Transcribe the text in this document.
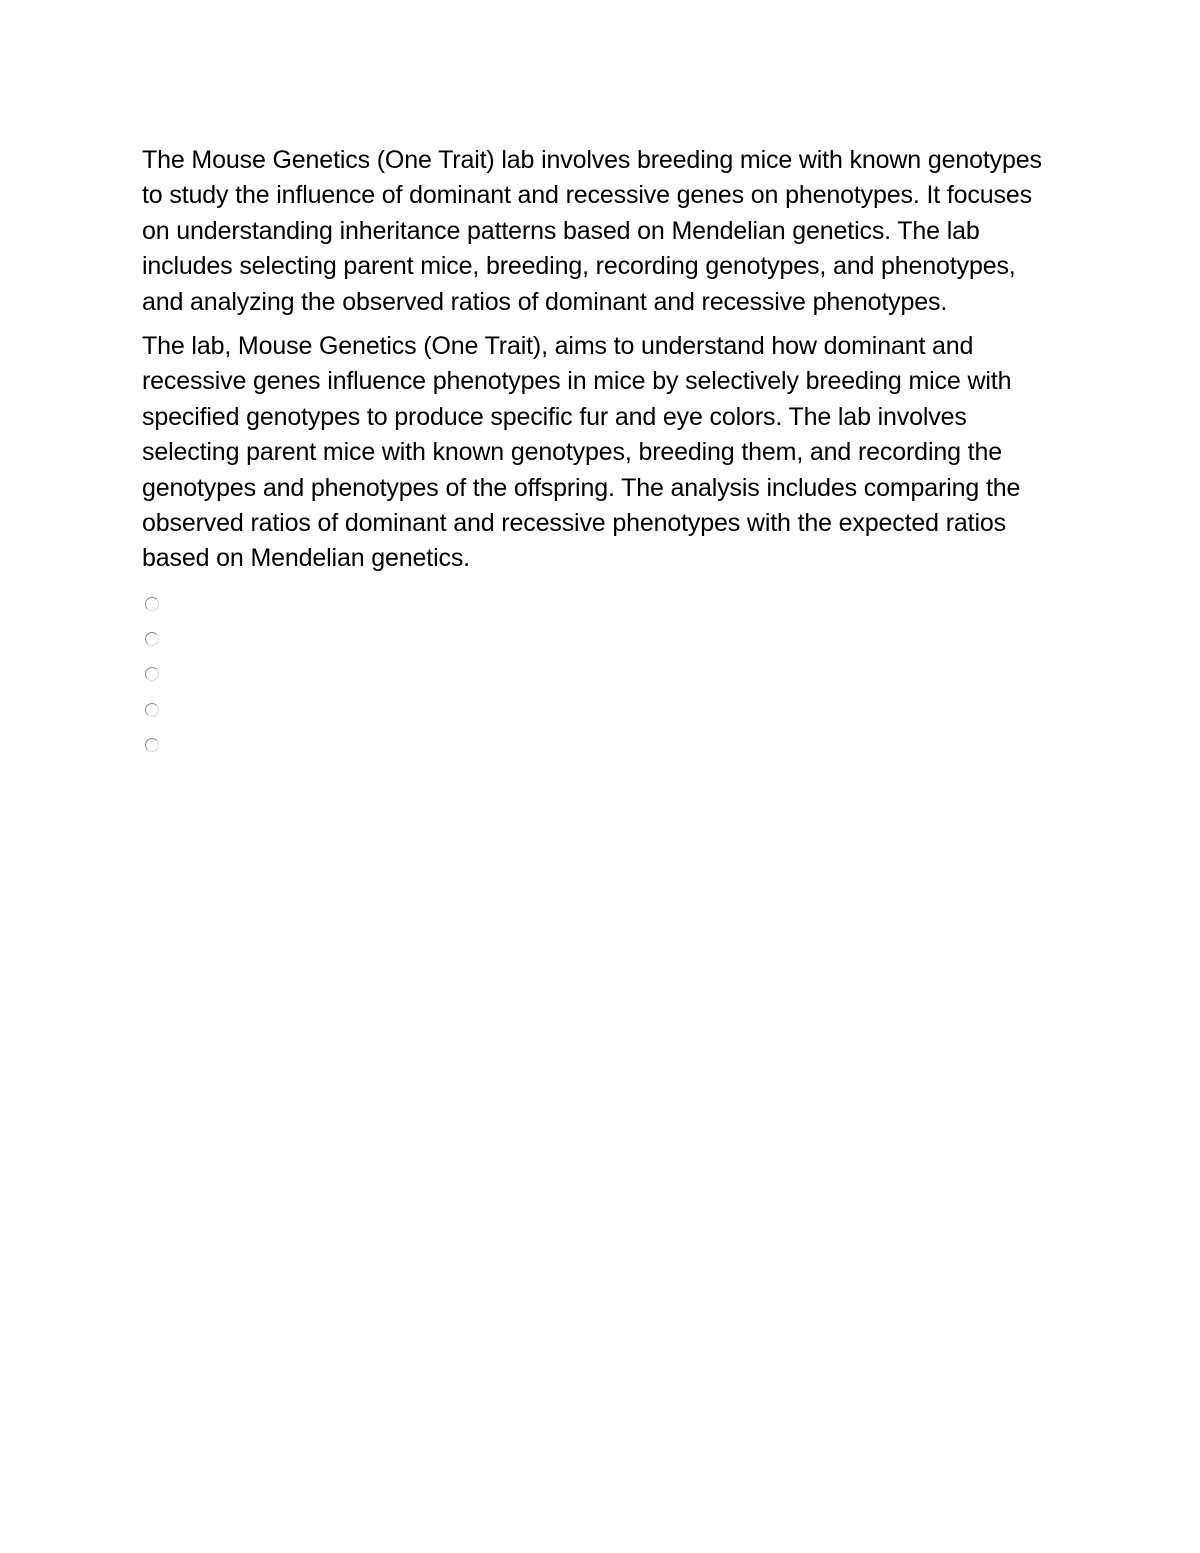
The Mouse Genetics (One Trait) lab involves breeding mice with known genotypes to study the influence of dominant and recessive genes on phenotypes. It focuses on understanding inheritance patterns based on Mendelian genetics. The lab includes selecting parent mice, breeding, recording genotypes, and phenotypes, and analyzing the observed ratios of dominant and recessive phenotypes.

The lab, Mouse Genetics (One Trait), aims to understand how dominant and recessive genes influence phenotypes in mice by selectively breeding mice with specified genotypes to produce specific fur and eye colors. The lab involves selecting parent mice with known genotypes, breeding them, and recording the genotypes and phenotypes of the offspring. The analysis includes comparing the observed ratios of dominant and recessive phenotypes with the expected ratios based on Mendelian genetics.
